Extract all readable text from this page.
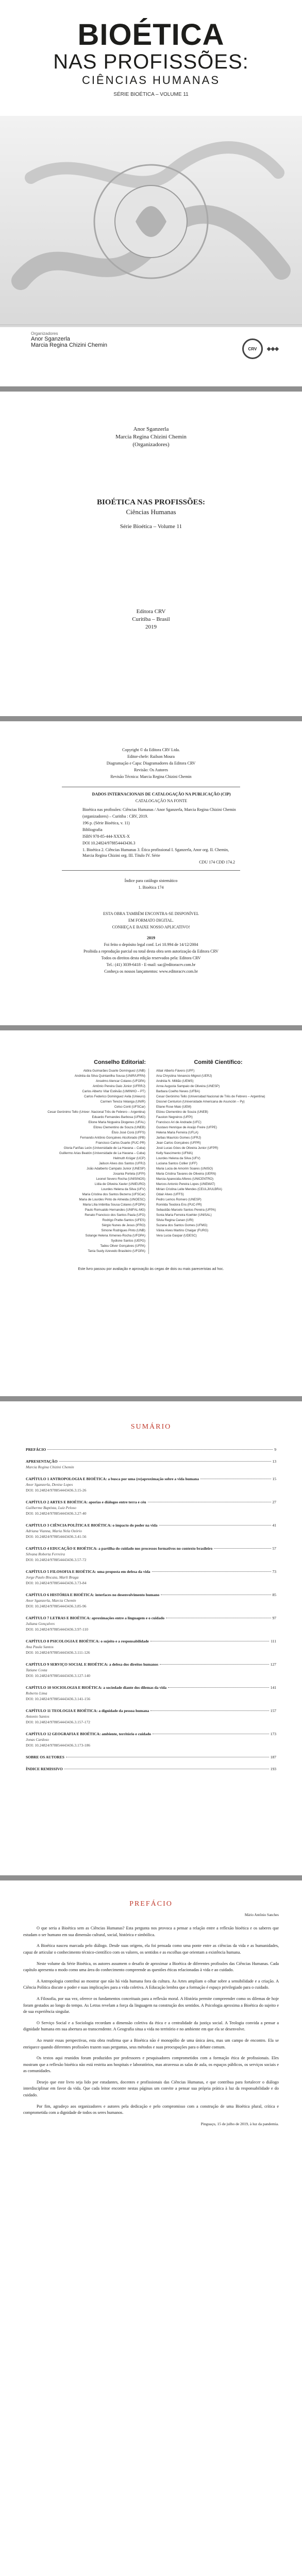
BIOÉTICA
NAS PROFISSÕES:
CIÊNCIAS HUMANAS
SÉRIE BIOÉTICA – VOLUME 11
Organizadores
Anor Sganzerla
Marcia Regina Chizini Chemin
CRV	◆◆◆
Anor Sganzerla
Marcia Regina Chizini Chemin
(Organizadores)
BIOÉTICA NAS PROFISSÕES:
Ciências Humanas
Série Bioética – Volume 11
Editora CRV
Curitiba – Brasil
2019

Copyright © da Editora CRV Ltda.

Editor-chefe: Railson Moura

Diagramação e Capa: Diagramadores da Editora CRV

Revisão: Os Autores

Revisão Técnica: Marcia Regina Chizini Chemin

DADOS INTERNACIONAIS DE CATALOGAÇÃO NA PUBLICAÇÃO (CIP)

CATALOGAÇÃO NA FONTE

Bioética nas profissões: Ciências Humanas / Anor Sganzerla, Marcia Regina Chizini Chemin

(organizadores) – Curitiba : CRV, 2019.

196 p. (Série Bioética, v. 11)

Bibliografia

ISBN 978-85-444-XXXX-X

DOI 10.24824/978854443436.3

1. Bioética 2. Ciências Humanas 3. Ética profissional I. Sganzerla, Anor org. II. Chemin, Marcia Regina Chizini org. III. Título IV. Série

CDU 174 CDD 174.2

Índice para catálogo sistemático

1. Bioética 174

ESTA OBRA TAMBÉM ENCONTRA-SE DISPONÍVEL

EM FORMATO DIGITAL.

CONHEÇA E BAIXE NOSSO APLICATIVO!

2019

Foi feito o depósito legal conf. Lei 10.994 de 14/12/2004

Proibida a reprodução parcial ou total desta obra sem autorização da Editora CRV

Todos os direitos desta edição reservados pela: Editora CRV

Tel.: (41) 3039-6418 - E-mail: sac@editoracrv.com.br

Conheça os nossos lançamentos: www.editoracrv.com.br

Conselho Editorial:
Aldira Guimarães Duarte Domínguez (UNB)
Andréia da Silva Quintanilha Sousa (UNIR/UFRN)
Anselmo Alencar Colares (UFOPA)
Antônio Pereira Gaio Júnior (UFRRJ)
Carlos Alberto Vilar Estêvão (UMINHO – PT)
Carlos Federico Dominguez Avila (Unieuro)
Carmen Tereza Velanga (UNIR)
Celso Conti (UFSCar)
Cesar Gerónimo Tello (Univer .Nacional Três de Febrero – Argentina)
Eduardo Fernandes Barbosa (UFMG)
Elione Maria Nogueira Diogenes (UFAL)
Elizeu Clementino de Souza (UNEB)
Élsio José Corá (UFFS)
Fernando Antônio Gonçalves Alcoforado (IPB)
Francisco Carlos Duarte (PUC-PR)
Gloria Fariñas León (Universidade de La Havana – Cuba)
Guillermo Arias Beatón (Universidade de La Havana – Cuba)
Helmuth Krüger (UCP)
Jailson Alves dos Santos (UFRJ)
João Adalberto Campato Junior (UNESP)
Josania Portela (UFPI)
Leonel Severo Rocha (UNISINOS)
Lídia de Oliveira Xavier (UNIEURO)
Lourdes Helena da Silva (UFV)
Maria Cristina dos Santos Bezerra (UFSCar)
Maria de Lourdes Pinto de Almeida (UNOESC)
Maria Lília Imbiriba Sousa Colares (UFOPA)
Paulo Romualdo Hernandes (UNIFAL-MG)
Renato Francisco dos Santos Paula (UFG)
Rodrigo Pratte-Santos (UFES)
Sérgio Nunes de Jesus (IFRO)
Simone Rodrigues Pinto (UNB)
Solange Helena Ximenes-Rocha (UFOPA)
Sydione Santos (UEPG)
Tadeu Oliver Gonçalves (UFPA)
Tania Suely Azevedo Brasileiro (UFOPA)
Comitê Científico:
Altair Alberto Fávero (UPF)
Ana Chrystina Venancio Mignot (UERJ)
Andréia N. Militão (UEMS)
Anna Augusta Sampaio de Oliveira (UNESP)
Barbara Coelho Neves (UFBA)
Cesar Gerónimo Tello (Universidad Nacional de Três de Febrero – Argentina)
Diosnel Centurion (Universidade Americana de Asunción – Py)
Eliane Rose Maio (UEM)
Elizeu Clementino de Souza (UNEB)
Fauston Negreiros (UFPI)
Francisco Ari de Andrade (UFC)
Gustavo Henrique de Araújo Freire (UFPE)
Helena Maria Ferreira (UFLA)
Jarbas Mauricio Gomes (UFRJ)
Jean Carlos Gonçalves (UFPR)
José Lucas Góes de Oliveira Junior (UFPR)
Kelly Nascimento (UFMA)
Lourdes Helena da Silva (UFV)
Luciana Santos Collier (UFF)
Maria Lucia de Amorim Soares (UNISO)
Maria Cristina Tavares de Oliveira (UERN)
Marcia Aparecida Alferes (UNICENTRO)
Marcos Antonio Pereira Lopes (UNEMAT)
Mirian Cristina Leite Mendes (CEULJI/ULBRA)
Odair Alves (UFFS)
Pedro Lemos Romero (UNESP)
Romilda Teodora Ens (PUC-PR)
Sebastião Marcelo Santos Pereira (UFPA)
Sonia Maria Ferreira Koehler (UNISAL)
Silvia Regina Canan (URI)
Suzana dos Santos Gomes (UFMG)
Vânia Alves Martins Chaigar (FURG)
Vera Lucia Gaspar (UDESC)

Este livro passou por avaliação e aprovação às cegas de dois ou mais pareceristas ad hoc.

SUMÁRIO
PREFÁCIO	9
APRESENTAÇÃO	13
Marcia Regina Chizini Chemin
CAPÍTULO 1 ANTROPOLOGIA E BIOÉTICA: a busca por uma (re)aproximação sobre a vida humana	15
Anor Sganzerla, Denise Lopes
DOI: 10.24824/978854443436.3.15-26
CAPÍTULO 2 ARTES E BIOÉTICA: aporias e diálogos entre terra e céu	27
Guilherme Baptista, Luiz Peloso
DOI: 10.24824/978854443436.3.27-40
CAPÍTULO 3 CIÊNCIA POLÍTICA E BIOÉTICA: o impacto do poder na vida	41
Adriana Vianna, Maria Nela Ozório
DOI: 10.24824/978854443436.3.41-56
CAPÍTULO 4 EDUCAÇÃO E BIOÉTICA: a partilha do cuidado nos processos formativos no contexto brasileiro	57
Silvana Roberta Ferreira
DOI: 10.24824/978854443436.3.57-72
CAPÍTULO 5 FILOSOFIA E BIOÉTICA: uma proposta em defesa da vida	73
Jorge Paulo Biscaia, Marli Braga
DOI: 10.24824/978854443436.3.73-84
CAPÍTULO 6 HISTÓRIA E BIOÉTICA: interfaces no desenvolvimento humano	85
Anor Sganzerla, Marcia Chemin
DOI: 10.24824/978854443436.3.85-96
CAPÍTULO 7 LETRAS E BIOÉTICA: aproximações entre a linguagem e o cuidado	97
Juliana Gonçalves
DOI: 10.24824/978854443436.3.97-110
CAPÍTULO 8 PSICOLOGIA E BIOÉTICA: o sujeito e a responsabilidade	111
Ana Paula Santos
DOI: 10.24824/978854443436.3.111-126
CAPÍTULO 9 SERVIÇO SOCIAL E BIOÉTICA: a defesa dos direitos humanos	127
Tatiane Costa
DOI: 10.24824/978854443436.3.127-140
CAPÍTULO 10 SOCIOLOGIA E BIOÉTICA: a sociedade diante dos dilemas da vida	141
Roberto Lima
DOI: 10.24824/978854443436.3.141-156
CAPÍTULO 11 TEOLOGIA E BIOÉTICA: a dignidade da pessoa humana	157
Antonio Santos
DOI: 10.24824/978854443436.3.157-172
CAPÍTULO 12 GEOGRAFIA E BIOÉTICA: ambiente, território e cuidado	173
Jonas Cardoso
DOI: 10.24824/978854443436.3.173-186
SOBRE OS AUTORES	187
ÍNDICE REMISSIVO	193
PREFÁCIO
Mário Antônio Sanches

O que seria a Bioética sem as Ciências Humanas? Esta pergunta nos provoca a pensar a relação entre a reflexão bioética e os saberes que estudam o ser humano em sua dimensão cultural, social, histórica e simbólica.

A Bioética nasceu marcada pelo diálogo. Desde suas origens, ela foi pensada como uma ponte entre as ciências da vida e as humanidades, capaz de articular o conhecimento técnico-científico com os valores, os sentidos e as escolhas que orientam a existência humana.

Neste volume da Série Bioética, os autores assumem o desafio de aproximar a Bioética de diferentes profissões das Ciências Humanas. Cada capítulo apresenta o modo como uma área do conhecimento compreende as questões éticas relacionadas à vida e ao cuidado.

A Antropologia contribui ao mostrar que não há vida humana fora da cultura. As Artes ampliam o olhar sobre a sensibilidade e a criação. A Ciência Política discute o poder e suas implicações para a vida coletiva. A Educação lembra que a formação é espaço privilegiado para o cuidado.

A Filosofia, por sua vez, oferece os fundamentos conceituais para a reflexão moral. A História permite compreender como os dilemas de hoje foram gestados ao longo do tempo. As Letras revelam a força da linguagem na construção dos sentidos. A Psicologia aproxima a Bioética do sujeito e de sua experiência singular.

O Serviço Social e a Sociologia recordam a dimensão coletiva da ética e a centralidade da justiça social. A Teologia convida a pensar a dignidade humana em sua abertura ao transcendente. A Geografia situa a vida no território e no ambiente em que ela se desenvolve.

Ao reunir essas perspectivas, esta obra reafirma que a Bioética não é monopólio de uma única área, mas um campo de encontro. Ela se enriquece quando diferentes profissões trazem suas perguntas, seus métodos e suas preocupações para o debate comum.

Os textos aqui reunidos foram produzidos por professores e pesquisadores comprometidos com a formação ética de profissionais. Eles mostram que a reflexão bioética não está restrita aos hospitais e laboratórios, mas atravessa as salas de aula, os espaços públicos, os serviços sociais e as comunidades.

Desejo que este livro seja lido por estudantes, docentes e profissionais das Ciências Humanas, e que contribua para fortalecer o diálogo interdisciplinar em favor da vida. Que cada leitor encontre nestas páginas um convite a pensar sua própria prática à luz da responsabilidade e do cuidado.

Por fim, agradeço aos organizadores e autores pela dedicação e pelo compromisso com a construção de uma Bioética plural, crítica e comprometida com a dignidade de todos os seres humanos.

Pinguaçu, 15 de julho de 2019, à luz da pandemia.
